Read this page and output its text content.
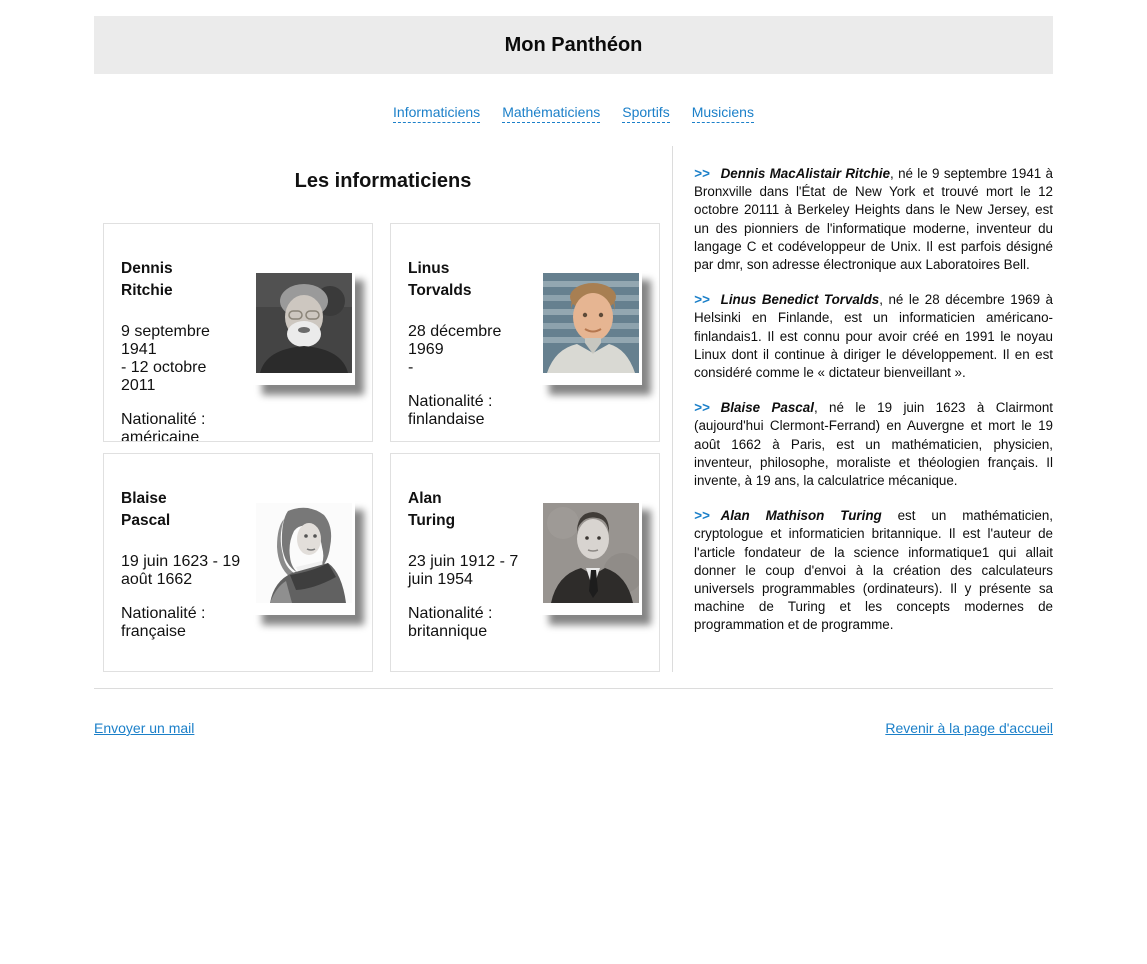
Mon Panthéon
Informaticiens Mathématiciens Sportifs Musiciens
Les informaticiens
Dennis
Ritchie

9 septembre 1941
- 12 octobre 2011

Nationalité :
américaine

Linus
Torvalds

28 décembre 1969
-

Nationalité :
finlandaise

Blaise
Pascal

19 juin 1623 - 19
août 1662

Nationalité :
française

Alan
Turing

23 juin 1912 - 7
juin 1954

Nationalité :
britannique

>> Dennis MacAlistair Ritchie, né le 9 septembre 1941 à Bronxville dans l'État de New York et trouvé mort le 12 octobre 20111 à Berkeley Heights dans le New Jersey, est un des pionniers de l'informatique moderne, inventeur du langage C et codéveloppeur de Unix. Il est parfois désigné par dmr, son adresse électronique aux Laboratoires Bell.

>> Linus Benedict Torvalds, né le 28 décembre 1969 à Helsinki en Finlande, est un informaticien américano-finlandais1. Il est connu pour avoir créé en 1991 le noyau Linux dont il continue à diriger le développement. Il en est considéré comme le « dictateur bienveillant ».

>> Blaise Pascal, né le 19 juin 1623 à Clairmont (aujourd'hui Clermont-Ferrand) en Auvergne et mort le 19 août 1662 à Paris, est un mathématicien, physicien, inventeur, philosophe, moraliste et théologien français. Il invente, à 19 ans, la calculatrice mécanique.

>> Alan Mathison Turing est un mathématicien, cryptologue et informaticien britannique. Il est l'auteur de l'article fondateur de la science informatique1 qui allait donner le coup d'envoi à la création des calculateurs universels programmables (ordinateurs). Il y présente sa machine de Turing et les concepts modernes de programmation et de programme.

Envoyer un mail	Revenir à la page d'accueil
